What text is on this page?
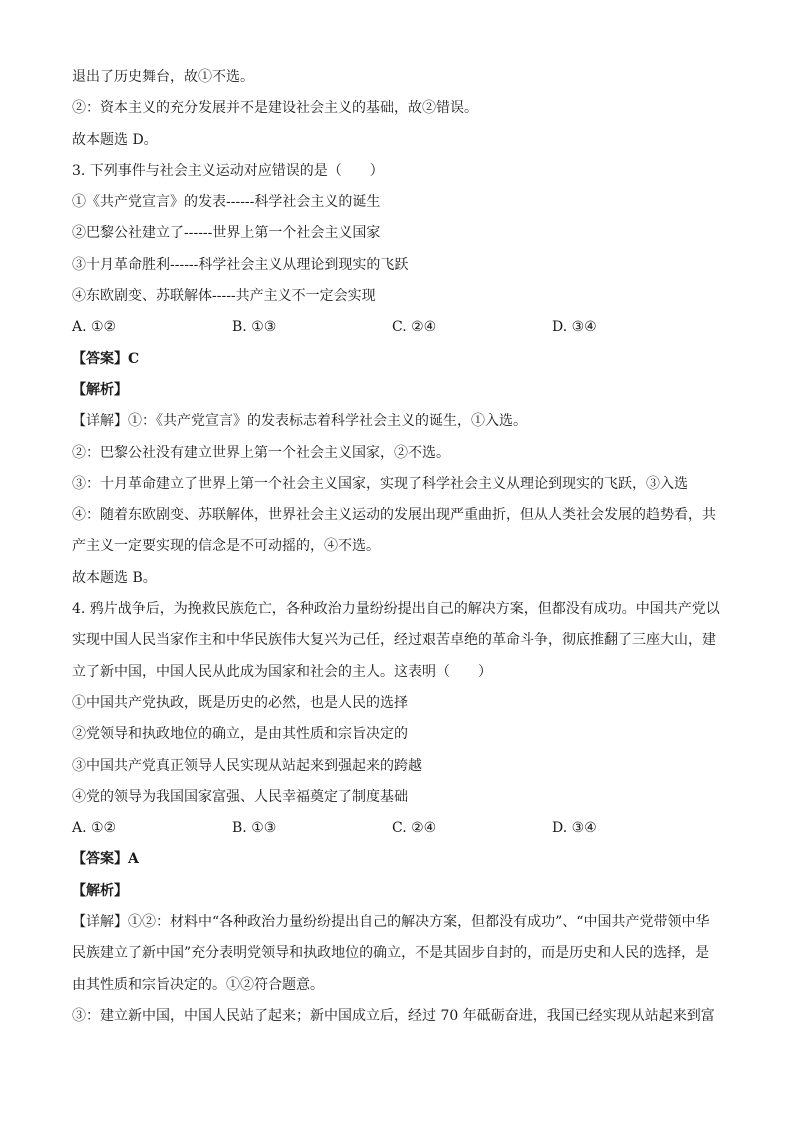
退出了历史舞台，故①不选。
②：资本主义的充分发展并不是建设社会主义的基础，故②错误。
故本题选 D。
3. 下列事件与社会主义运动对应错误的是（　　）
①《共产党宣言》的发表------科学社会主义的诞生
②巴黎公社建立了------世界上第一个社会主义国家
③十月革命胜利------科学社会主义从理论到现实的飞跃
④东欧剧变、苏联解体-----共产主义不一定会实现
A. ①②	B. ①③	C. ②④	D. ③④
【答案】C
【解析】
【详解】①：《共产党宣言》的发表标志着科学社会主义的诞生，①入选。
②：巴黎公社没有建立世界上第一个社会主义国家，②不选。
③：十月革命建立了世界上第一个社会主义国家，实现了科学社会主义从理论到现实的飞跃，③入选
④：随着东欧剧变、苏联解体，世界社会主义运动的发展出现严重曲折，但从人类社会发展的趋势看，共
产主义一定要实现的信念是不可动摇的，④不选。
故本题选 B。
4. 鸦片战争后，为挽救民族危亡，各种政治力量纷纷提出自己的解决方案，但都没有成功。中国共产党以
实现中国人民当家作主和中华民族伟大复兴为己任，经过艰苦卓绝的革命斗争，彻底推翻了三座大山，建
立了新中国，中国人民从此成为国家和社会的主人。这表明（　　）
①中国共产党执政，既是历史的必然，也是人民的选择
②党领导和执政地位的确立，是由其性质和宗旨决定的
③中国共产党真正领导人民实现从站起来到强起来的跨越
④党的领导为我国国家富强、人民幸福奠定了制度基础
A. ①②	B. ①③	C. ②④	D. ③④
【答案】A
【解析】
【详解】①②：材料中“各种政治力量纷纷提出自己的解决方案，但都没有成功”、“中国共产党带领中华
民族建立了新中国”充分表明党领导和执政地位的确立，不是其固步自封的，而是历史和人民的选择，是
由其性质和宗旨决定的。①②符合题意。
③：建立新中国，中国人民站了起来；新中国成立后，经过 70 年砥砺奋进，我国已经实现从站起来到富
